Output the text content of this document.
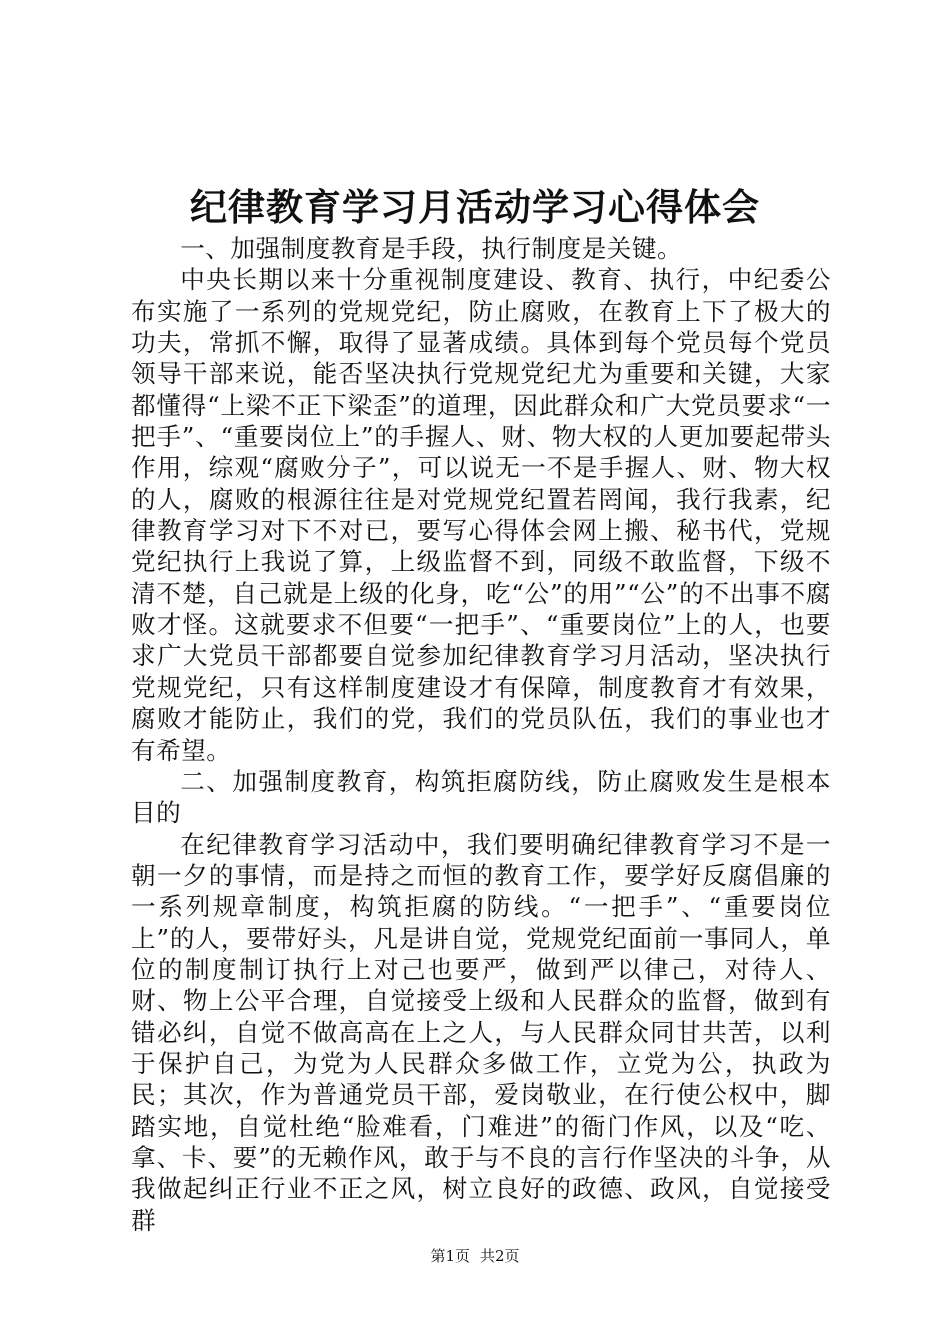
纪律教育学习月活动学习心得体会

一、加强制度教育是手段，执行制度是关键。

中央长期以来十分重视制度建设、教育、执行，中纪委公布实施了一系列的党规党纪，防止腐败，在教育上下了极大的功夫，常抓不懈，取得了显著成绩。具体到每个党员每个党员领导干部来说，能否坚决执行党规党纪尤为重要和关键，大家都懂得“上梁不正下梁歪”的道理，因此群众和广大党员要求“一把手”、“重要岗位上”的手握人、财、物大权的人更加要起带头作用，综观“腐败分子”，可以说无一不是手握人、财、物大权的人，腐败的根源往往是对党规党纪置若罔闻，我行我素，纪律教育学习对下不对已，要写心得体会网上搬、秘书代，党规党纪执行上我说了算，上级监督不到，同级不敢监督，下级不清不楚，自己就是上级的化身，吃“公”的用”“公”的不出事不腐败才怪。这就要求不但要“一把手”、“重要岗位”上的人，也要求广大党员干部都要自觉参加纪律教育学习月活动，坚决执行党规党纪，只有这样制度建设才有保障，制度教育才有效果，腐败才能防止，我们的党，我们的党员队伍，我们的事业也才有希望。

二、加强制度教育，构筑拒腐防线，防止腐败发生是根本目的

在纪律教育学习活动中，我们要明确纪律教育学习不是一朝一夕的事情，而是持之而恒的教育工作，要学好反腐倡廉的一系列规章制度，构筑拒腐的防线。“一把手”、“重要岗位上”的人，要带好头，凡是讲自觉，党规党纪面前一事同人，单位的制度制订执行上对己也要严，做到严以律己，对待人、财、物上公平合理，自觉接受上级和人民群众的监督，做到有错必纠，自觉不做高高在上之人，与人民群众同甘共苦，以利于保护自己，为党为人民群众多做工作，立党为公，执政为民；其次，作为普通党员干部，爱岗敬业，在行使公权中，脚踏实地，自觉杜绝“脸难看，门难进”的衙门作风，以及“吃、拿、卡、要”的无赖作风，敢于与不良的言行作坚决的斗争，从我做起纠正行业不正之风，树立良好的政德、政风，自觉接受群

第1页 共2页
